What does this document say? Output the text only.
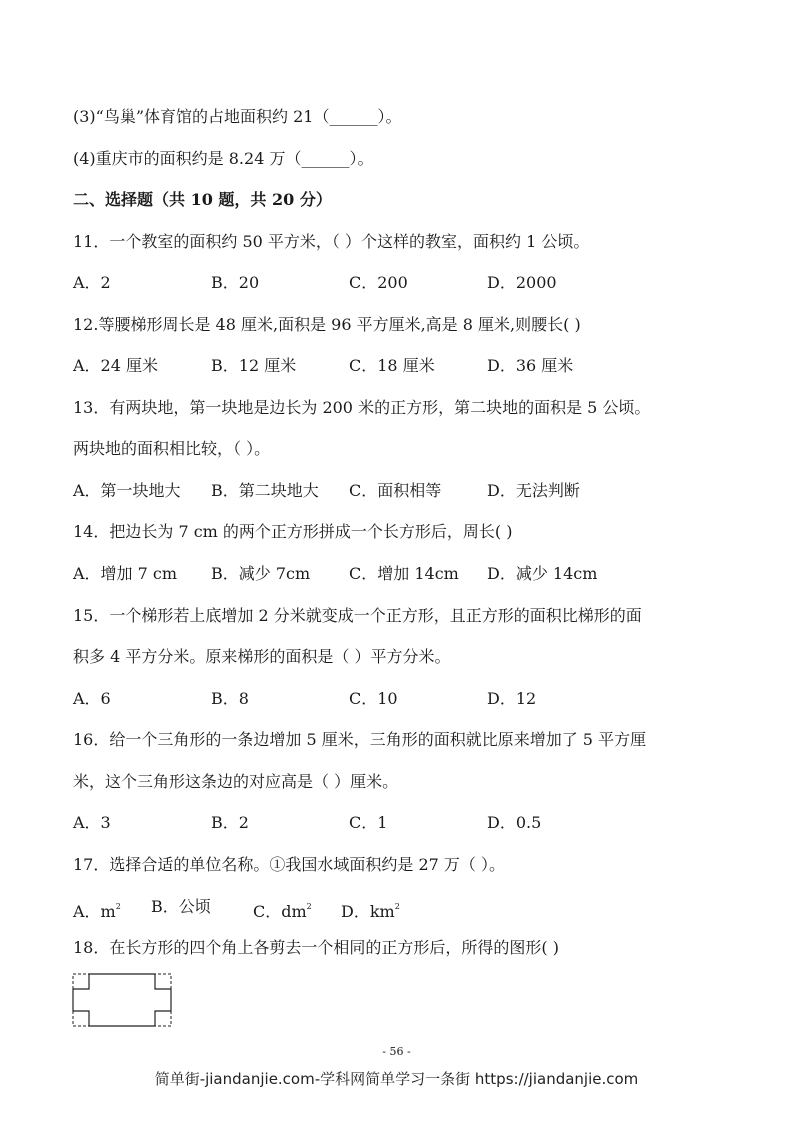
(3)“鸟巢”体育馆的占地面积约 21（______）。
(4)重庆市的面积约是 8.24 万（______）。
二、选择题（共 10 题，共 20 分）
11．一个教室的面积约 50 平方米，（ ）个这样的教室，面积约 1 公顷。
A．2	B．20	C．200	D．2000
12.等腰梯形周长是 48 厘米,面积是 96 平方厘米,高是 8 厘米,则腰长( )
A．24 厘米	B．12 厘米	C．18 厘米	D．36 厘米
13．有两块地，第一块地是边长为 200 米的正方形，第二块地的面积是 5 公顷。
两块地的面积相比较，（ ）。
A．第一块地大 B．第二块地大 C．面积相等	D．无法判断
14．把边长为 7 cm 的两个正方形拼成一个长方形后，周长( )
A．增加 7 cm B．减少 7cm C．增加 14cm D．减少 14cm
15．一个梯形若上底增加 2 分米就变成一个正方形，且正方形的面积比梯形的面
积多 4 平方分米。原来梯形的面积是（ ）平方分米。
A．6	B．8	C．10	D．12
16．给一个三角形的一条边增加 5 厘米，三角形的面积就比原来增加了 5 平方厘
米，这个三角形这条边的对应高是（ ）厘米。
A．3	B．2	C．1	D．0.5
17．选择合适的单位名称。①我国水域面积约是 27 万（ ）。
A．$m^2$ B．公顷	C．$dm^2$ D．$km^2$
18．在长方形的四个角上各剪去一个相同的正方形后，所得的图形( )
- 56 -
简单街-jiandanjie.com-学科网简单学习一条街 https://jiandanjie.com
